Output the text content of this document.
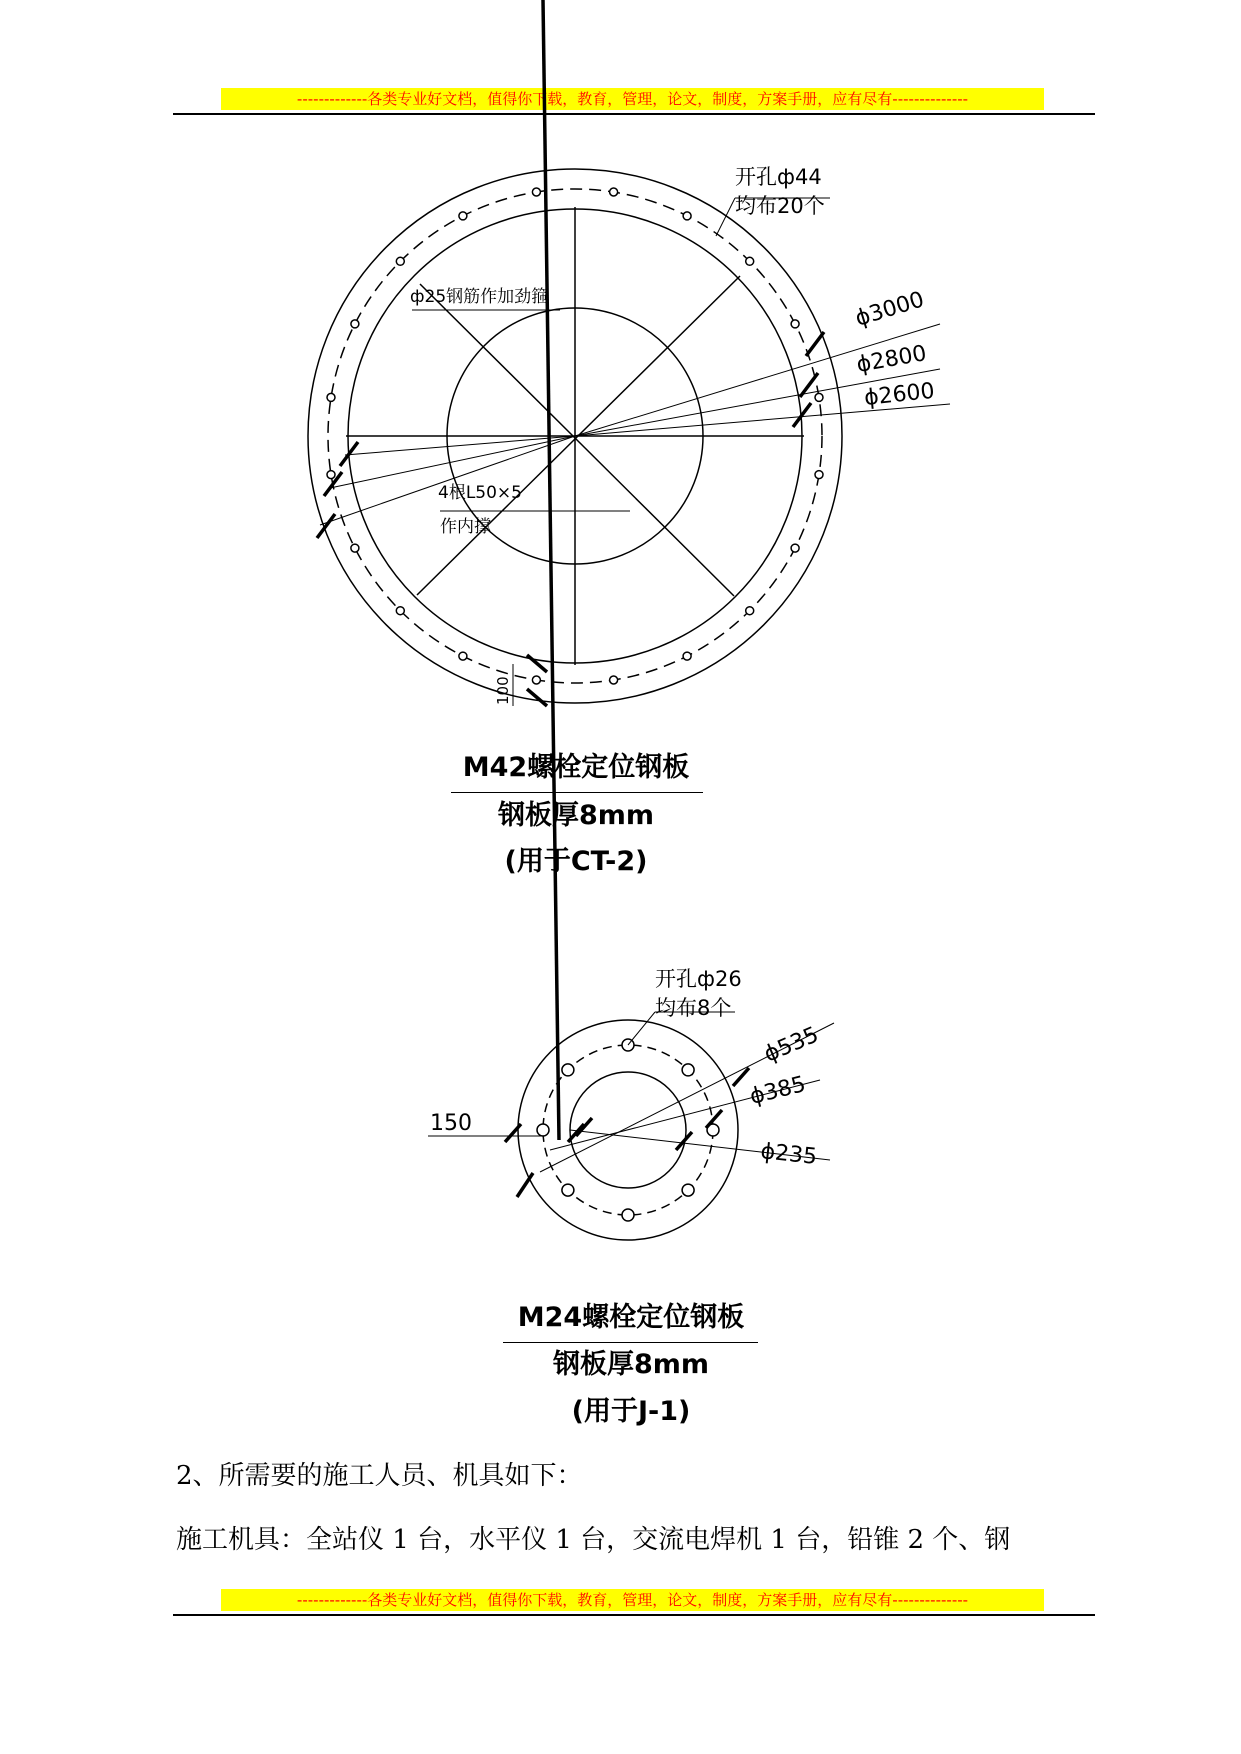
-------------各类专业好文档，值得你下载，教育，管理，论文，制度，方案手册，应有尽有--------------
开孔ф44
均布20个
ф25钢筋作加劲箍	ϕ3000
ϕ2800
ϕ2600
4根L50×5
作内撑
100
开孔ф26
均布8个
ϕ535
ϕ385
ϕ235
150
M42螺栓定位钢板
钢板厚8mm
(用于CT-2)
M24螺栓定位钢板
钢板厚8mm
(用于J-1)
2、所需要的施工人员、机具如下：
施工机具：全站仪 1 台，水平仪 1 台，交流电焊机 1 台，铅锥 2 个、钢
-------------各类专业好文档，值得你下载，教育，管理，论文，制度，方案手册，应有尽有--------------
